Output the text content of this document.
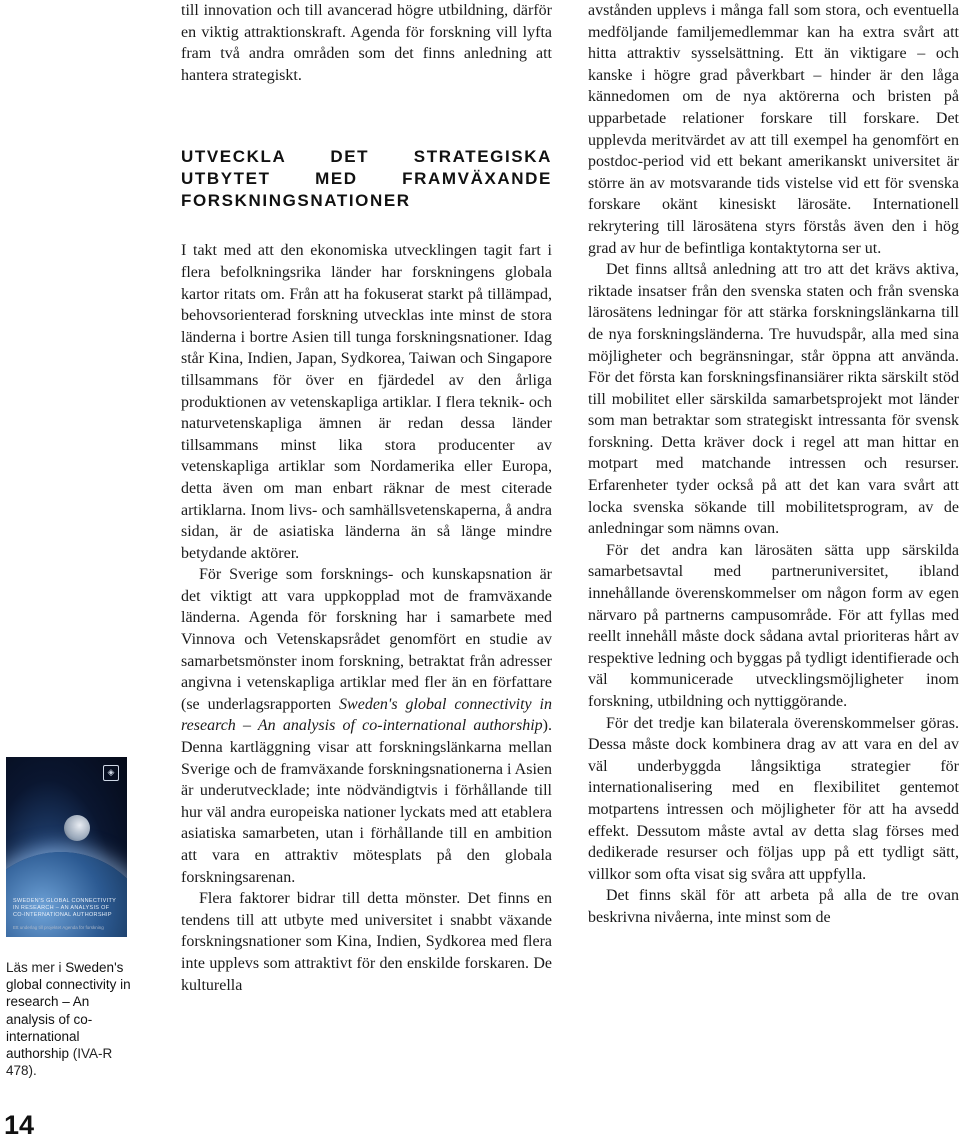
◈
SWEDEN'S GLOBAL CONNECTIVITY
IN RESEARCH – AN ANALYSIS OF
CO-INTERNATIONAL AUTHORSHIP
Ett underlag till projektet Agenda för forskning
Läs mer i Sweden's global connectivity in research – An analysis of co-international authorship (IVA-R 478).
14

till innovation och till avancerad högre utbildning, därför en viktig attraktionskraft. Agenda för forskning vill lyfta fram två andra områden som det finns anledning att hantera strategiskt.

UTVECKLA DET STRATEGISKA UTBYTET MED FRAMVÄXANDE FORSKNINGSNATIONER

I takt med att den ekonomiska utvecklingen tagit fart i flera befolkningsrika länder har forskningens globala kartor ritats om. Från att ha fokuserat starkt på tillämpad, behovsorienterad forskning utvecklas inte minst de stora länderna i bortre Asien till tunga forskningsnationer. Idag står Kina, Indien, Japan, Sydkorea, Taiwan och Singapore tillsammans för över en fjärdedel av den årliga produktionen av vetenskapliga artiklar. I flera teknik- och naturvetenskapliga ämnen är redan dessa länder tillsammans minst lika stora producenter av vetenskapliga artiklar som Nordamerika eller Europa, detta även om man enbart räknar de mest citerade artiklarna. Inom livs- och samhällsvetenskaperna, å andra sidan, är de asiatiska länderna än så länge mindre betydande aktörer.

För Sverige som forsknings- och kunskapsnation är det viktigt att vara uppkopplad mot de framväxande länderna. Agenda för forskning har i samarbete med Vinnova och Vetenskapsrådet genomfört en studie av samarbetsmönster inom forskning, betraktat från adresser angivna i vetenskapliga artiklar med fler än en författare (se underlagsrapporten Sweden's global connectivity in research – An analysis of co-international authorship). Denna kartläggning visar att forskningslänkarna mellan Sverige och de framväxande forskningsnationerna i Asien är underutvecklade; inte nödvändigtvis i förhållande till hur väl andra europeiska nationer lyckats med att etablera asiatiska samarbeten, utan i förhållande till en ambition att vara en attraktiv mötesplats på den globala forskningsarenan.

Flera faktorer bidrar till detta mönster. Det finns en tendens till att utbyte med universitet i snabbt växande forskningsnationer som Kina, Indien, Sydkorea med flera inte upplevs som attraktivt för den enskilde forskaren. De kulturella

avstånden upplevs i många fall som stora, och eventuella medföljande familjemedlemmar kan ha extra svårt att hitta attraktiv sysselsättning. Ett än viktigare – och kanske i högre grad påverkbart – hinder är den låga kännedomen om de nya aktörerna och bristen på upparbetade relationer forskare till forskare. Det upplevda meritvärdet av att till exempel ha genomfört en postdoc-period vid ett bekant amerikanskt universitet är större än av motsvarande tids vistelse vid ett för svenska forskare okänt kinesiskt lärosäte. Internationell rekrytering till lärosätena styrs förstås även den i hög grad av hur de befintliga kontaktytorna ser ut.

Det finns alltså anledning att tro att det krävs aktiva, riktade insatser från den svenska staten och från svenska lärosätens ledningar för att stärka forskningslänkarna till de nya forskningsländerna. Tre huvudspår, alla med sina möjligheter och begränsningar, står öppna att använda. För det första kan forskningsfinansiärer rikta särskilt stöd till mobilitet eller särskilda samarbetsprojekt mot länder som man betraktar som strategiskt intressanta för svensk forskning. Detta kräver dock i regel att man hittar en motpart med matchande intressen och resurser. Erfarenheter tyder också på att det kan vara svårt att locka svenska sökande till mobilitetsprogram, av de anledningar som nämns ovan.

För det andra kan lärosäten sätta upp särskilda samarbetsavtal med partneruniversitet, ibland innehållande överenskommelser om någon form av egen närvaro på partnerns campusområde. För att fyllas med reellt innehåll måste dock sådana avtal prioriteras hårt av respektive ledning och byggas på tydligt identifierade och väl kommunicerade utvecklingsmöjligheter inom forskning, utbildning och nyttiggörande.

För det tredje kan bilaterala överenskommelser göras. Dessa måste dock kombinera drag av att vara en del av väl underbyggda långsiktiga strategier för internationalisering med en flexibilitet gentemot motpartens intressen och möjligheter för att ha avsedd effekt. Dessutom måste avtal av detta slag förses med dedikerade resurser och följas upp på ett tydligt sätt, villkor som ofta visat sig svåra att uppfylla.

Det finns skäl för att arbeta på alla de tre ovan beskrivna nivåerna, inte minst som de
